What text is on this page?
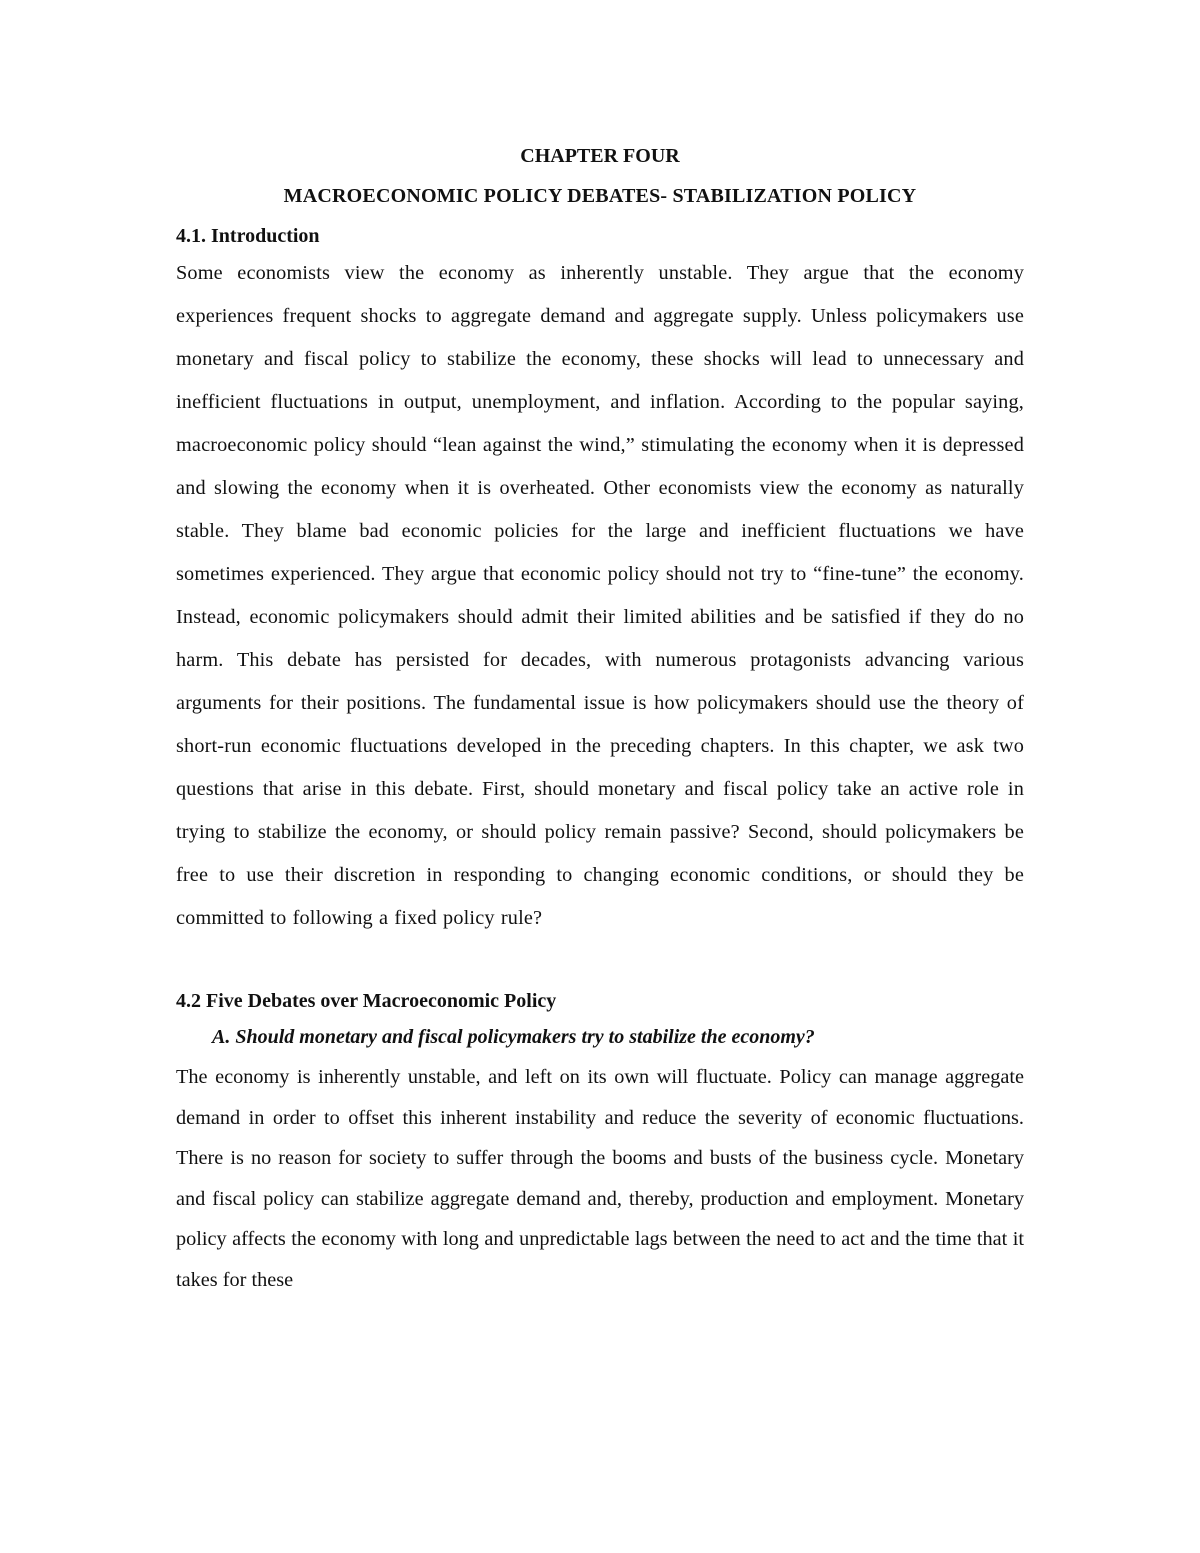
CHAPTER FOUR
MACROECONOMIC POLICY DEBATES- STABILIZATION POLICY
4.1. Introduction

Some economists view the economy as inherently unstable. They argue that the economy experiences frequent shocks to aggregate demand and aggregate supply. Unless policymakers use monetary and fiscal policy to stabilize the economy, these shocks will lead to unnecessary and inefficient fluctuations in output, unemployment, and inflation. According to the popular saying, macroeconomic policy should “lean against the wind,” stimulating the economy when it is depressed and slowing the economy when it is overheated. Other economists view the economy as naturally stable. They blame bad economic policies for the large and inefficient fluctuations we have sometimes experienced. They argue that economic policy should not try to “fine-tune” the economy. Instead, economic policymakers should admit their limited abilities and be satisfied if they do no harm. This debate has persisted for decades, with numerous protagonists advancing various arguments for their positions. The fundamental issue is how policymakers should use the theory of short-run economic fluctuations developed in the preceding chapters. In this chapter, we ask two questions that arise in this debate. First, should monetary and fiscal policy take an active role in trying to stabilize the economy, or should policy remain passive? Second, should policymakers be free to use their discretion in responding to changing economic conditions, or should they be committed to following a fixed policy rule?

4.2 Five Debates over Macroeconomic Policy
A. Should monetary and fiscal policymakers try to stabilize the economy?

The economy is inherently unstable, and left on its own will fluctuate. Policy can manage aggregate demand in order to offset this inherent instability and reduce the severity of economic fluctuations. There is no reason for society to suffer through the booms and busts of the business cycle. Monetary and fiscal policy can stabilize aggregate demand and, thereby, production and employment. Monetary policy affects the economy with long and unpredictable lags between the need to act and the time that it takes for these
